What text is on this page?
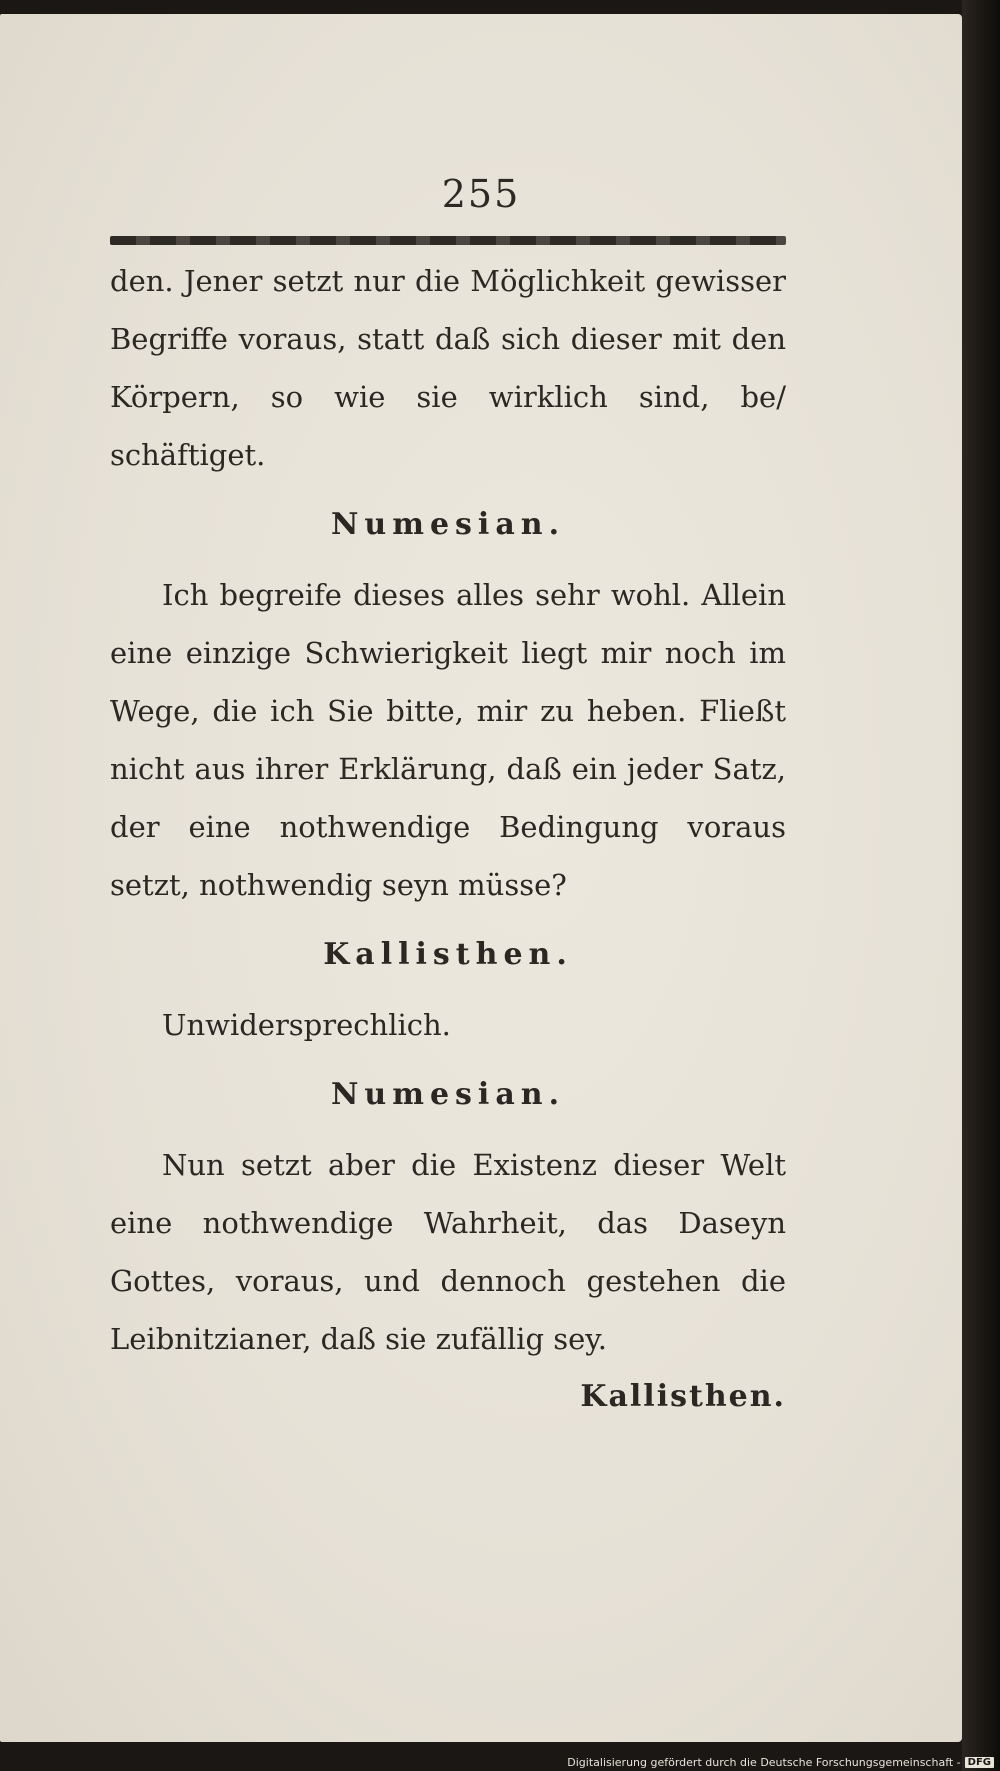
255

den. Jener setzt nur die Möglichkeit gewisser Begriffe voraus, statt daß sich dieser mit den Körpern, so wie sie wirklich sind, be/ schäftiget.

Numesian.

Ich begreife dieses alles sehr wohl. Allein eine einzige Schwierigkeit liegt mir noch im Wege, die ich Sie bitte, mir zu heben. Fließt nicht aus ihrer Erklärung, daß ein jeder Satz, der eine nothwendige Bedingung voraus setzt, nothwendig seyn müsse?

Kallisthen.

Unwidersprechlich.

Numesian.

Nun setzt aber die Existenz dieser Welt eine nothwendige Wahrheit, das Daseyn Gottes, voraus, und dennoch gestehen die Leibnitzianer, daß sie zufällig sey.

Kallisthen.
Digitalisierung gefördert durch die Deutsche Forschungsgemeinschaft - DFG
